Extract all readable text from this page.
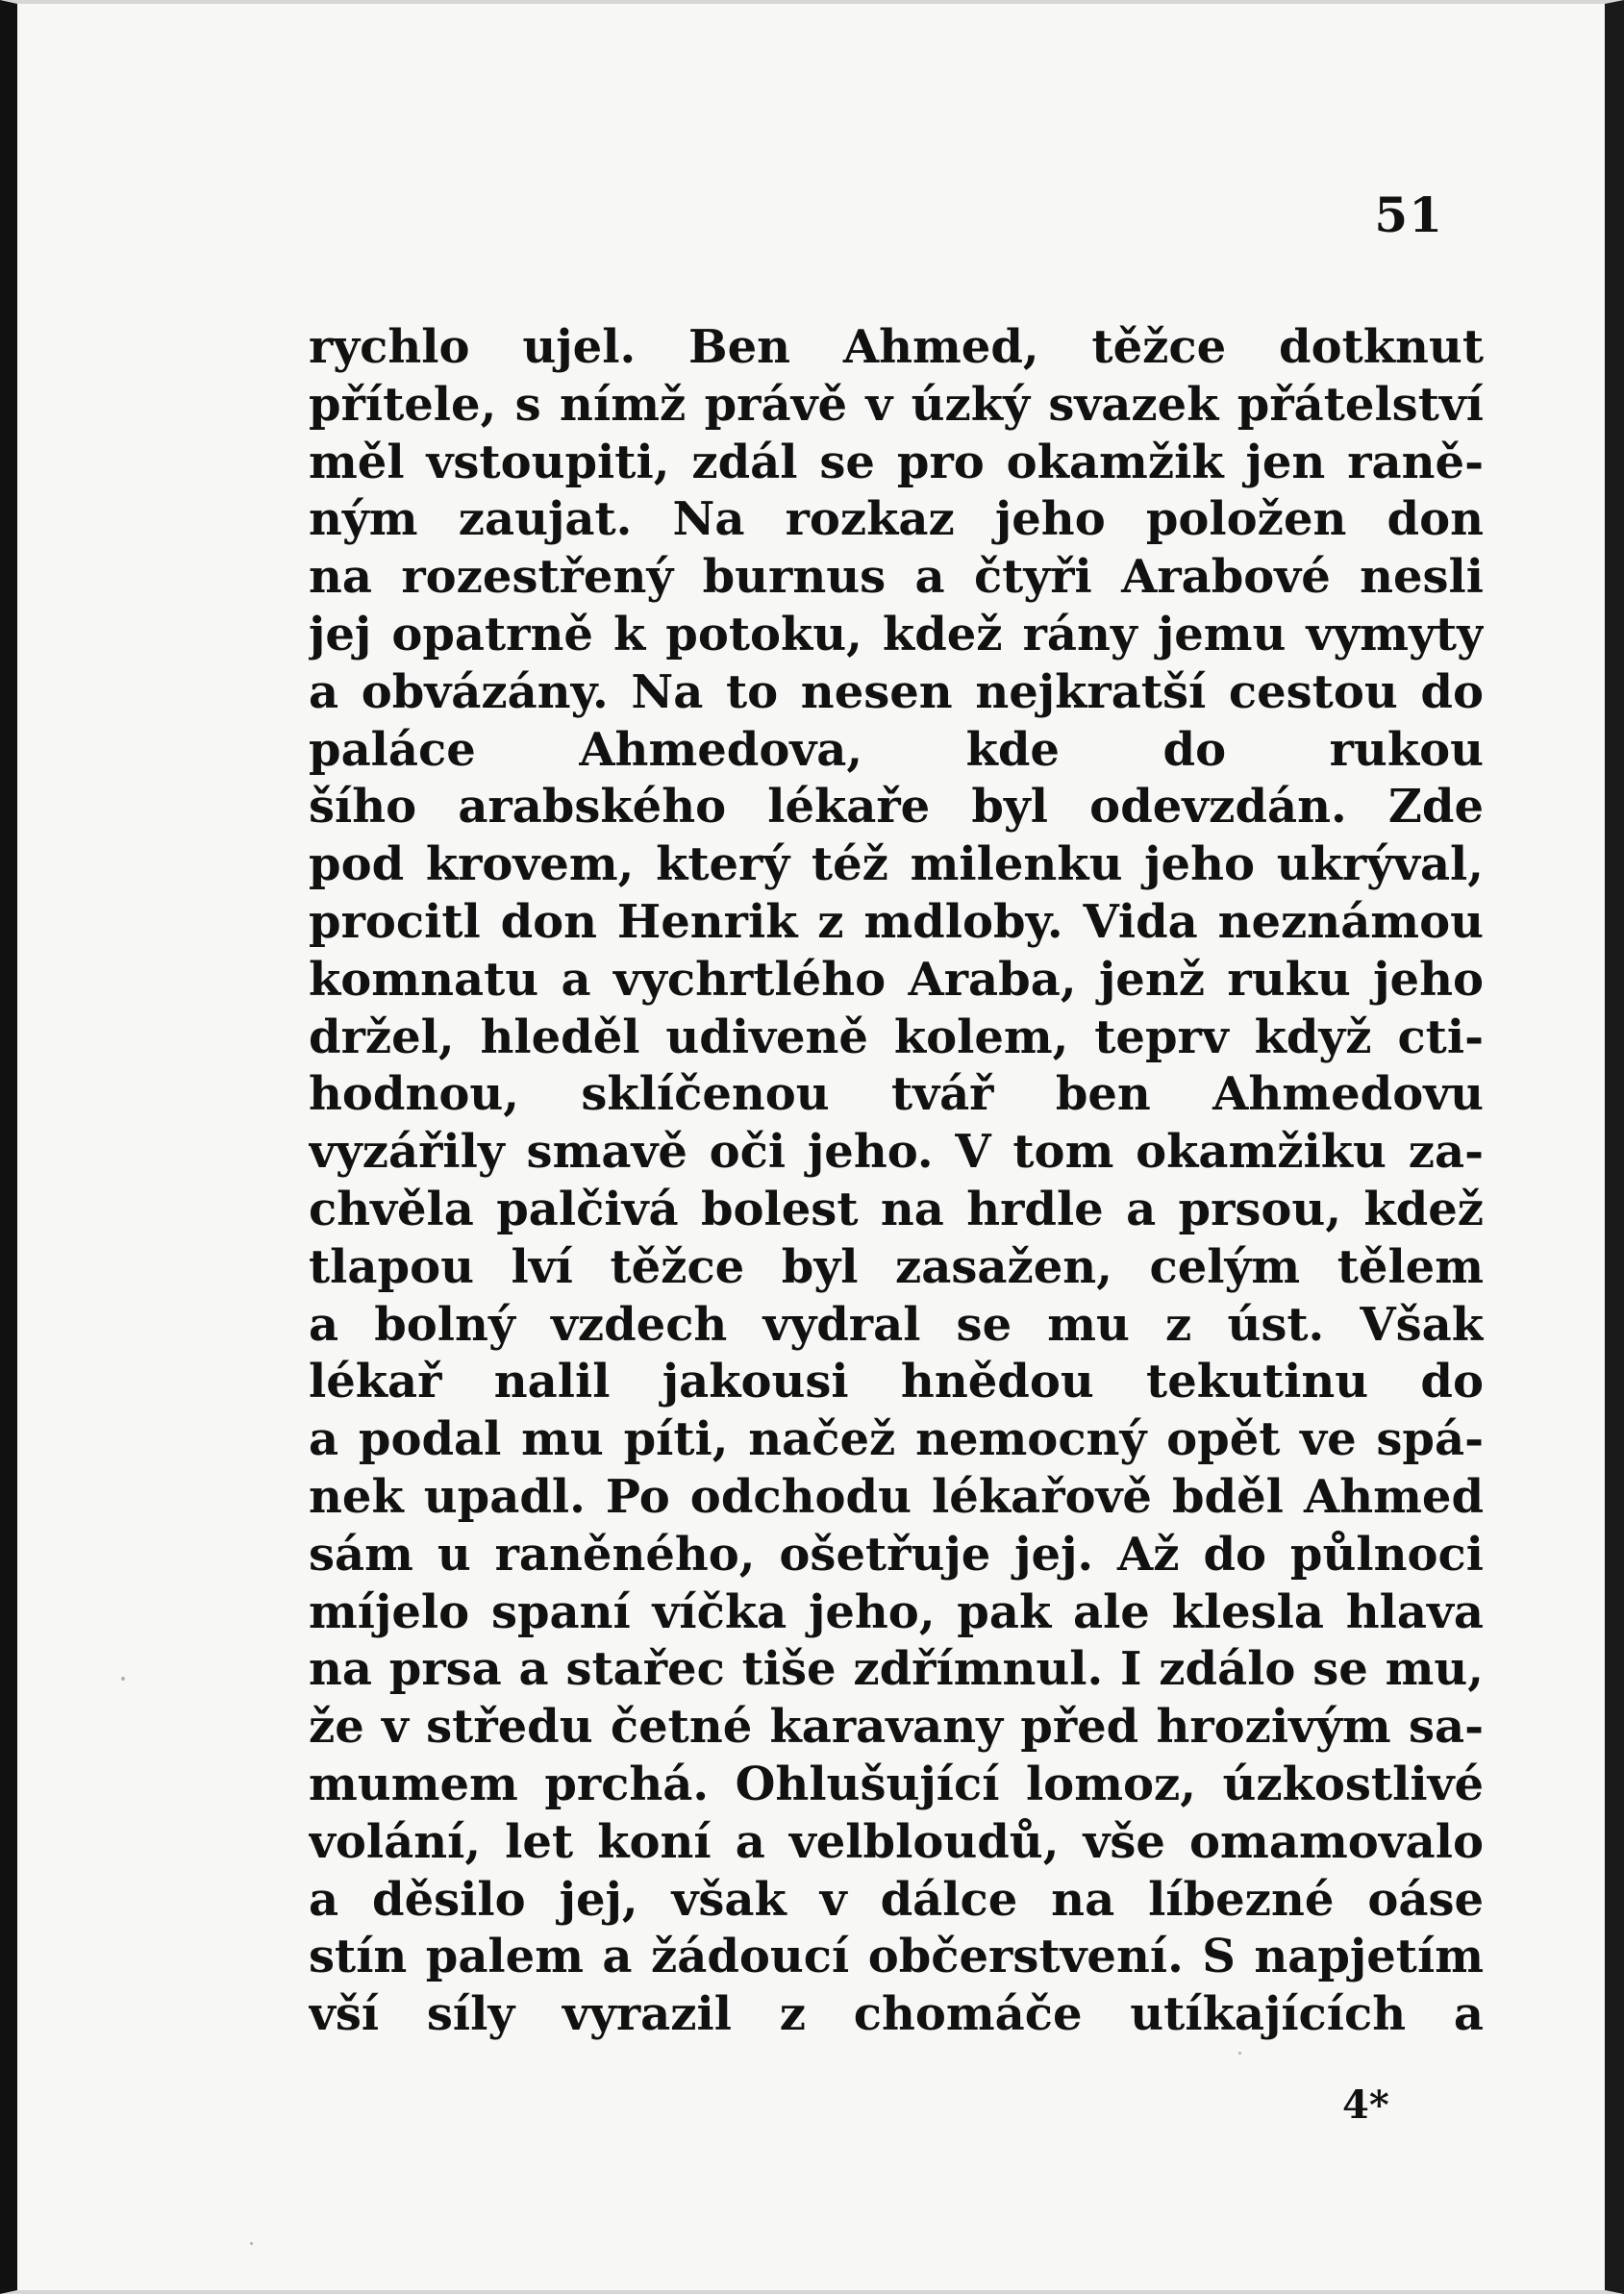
51
rychlo ujel. Ben Ahmed, těžce dotknut
přítele, s nímž právě v úzký svazek přátelství
měl vstoupiti, zdál se pro okamžik jen raně-
ným zaujat. Na rozkaz jeho položen don
na rozestřený burnus a čtyři Arabové nesli
jej opatrně k potoku, kdež rány jemu vymyty
a obvázány. Na to nesen nejkratší cestou do
paláce Ahmedova, kde do rukou
šího arabského lékaře byl odevzdán. Zde
pod krovem, který též milenku jeho ukrýval,
procitl don Henrik z mdloby. Vida neznámou
komnatu a vychrtlého Araba, jenž ruku jeho
držel, hleděl udiveně kolem, teprv když cti-
hodnou, sklíčenou tvář ben Ahmedovu
vyzářily smavě oči jeho. V tom okamžiku za-
chvěla palčivá bolest na hrdle a prsou, kdež
tlapou lví těžce byl zasažen, celým tělem
a bolný vzdech vydral se mu z úst. Však
lékař nalil jakousi hnědou tekutinu do
a podal mu píti, načež nemocný opět ve spá-
nek upadl. Po odchodu lékařově bděl Ahmed
sám u raněného, ošetřuje jej. Až do půlnoci
míjelo spaní víčka jeho, pak ale klesla hlava
na prsa a stařec tiše zdřímnul. I zdálo se mu,
že v středu četné karavany před hrozivým sa-
mumem prchá. Ohlušující lomoz, úzkostlivé
volání, let koní a velbloudů, vše omamovalo
a děsilo jej, však v dálce na líbezné oáse
stín palem a žádoucí občerstvení. S napjetím
vší síly vyrazil z chomáče utíkajících a
4*
